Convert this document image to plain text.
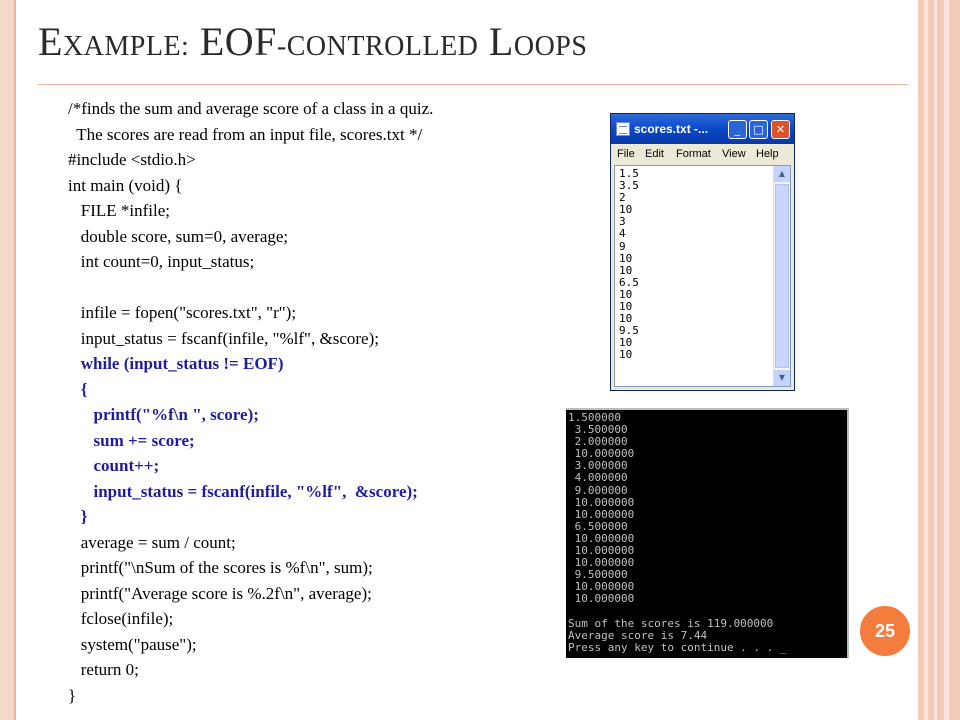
EXAMPLE: EOF-CONTROLLED LOOPS
/*finds the sum and average score of a class in a quiz.
The scores are read from an input file, scores.txt */
#include <stdio.h>
int main (void) {
FILE *infile;
double score, sum=0, average;
int count=0, input_status;

infile = fopen("scores.txt", "r");
input_status = fscanf(infile, "%lf", &score);
while (input_status != EOF)
{
printf("%f\n ", score);
sum += score;
count++;
input_status = fscanf(infile, "%lf",  &score);
}
average = sum / count;
printf("\nSum of the scores is %f\n", sum);
printf("Average score is %.2f\n", average);
fclose(infile);
system("pause");
return 0;
}
scores.txt -...	_	□	✕
File Edit Format View Help
1.5
3.5
2
10
3
4
9
10
10
6.5
10
10
10
9.5
10
10
▲
▼
1.500000
3.500000
2.000000
10.000000
3.000000
4.000000
9.000000
10.000000
10.000000
6.500000
10.000000
10.000000
10.000000
9.500000
10.000000
10.000000

Sum of the scores is 119.000000
Average score is 7.44
Press any key to continue . . . _
25
